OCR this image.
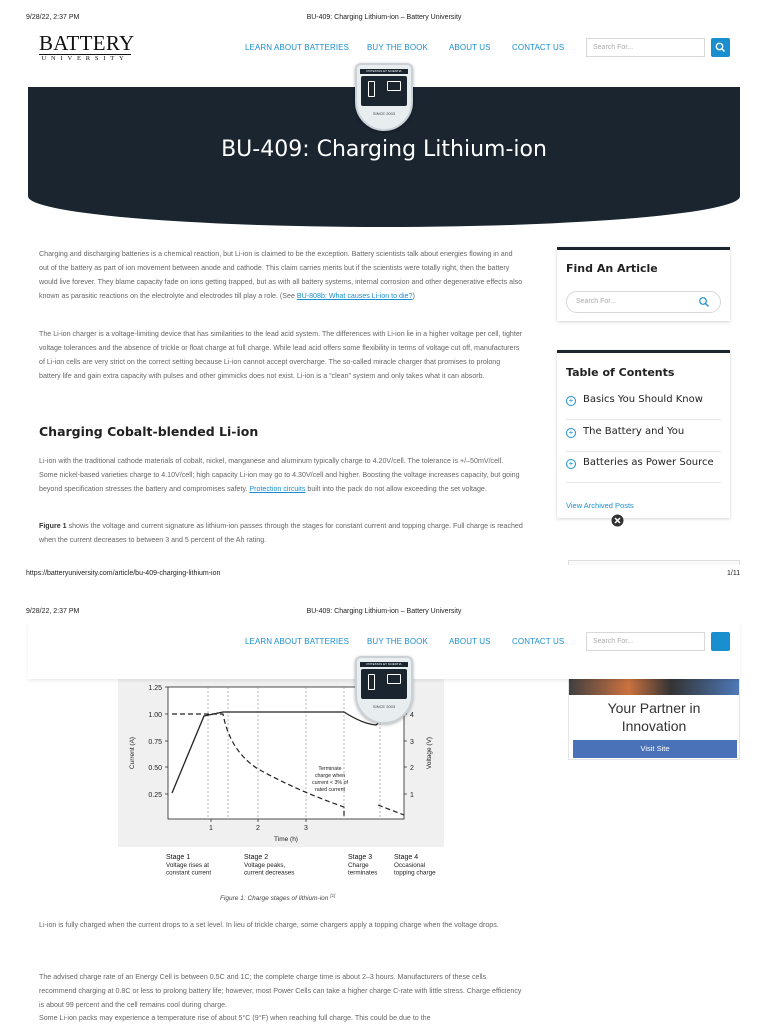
9/28/22, 2:37 PM	BU-409: Charging Lithium-ion – Battery University
BATTERY
UNIVERSITY
LEARN ABOUT BATTERIES BUY THE BOOK	ABOUT US	CONTACT US	Search For...
BU-409: Charging Lithium-ion
POTESTAS ET SCIENTIA
SINCE 2003
Charging and discharging batteries is a chemical reaction, but Li-ion is claimed to be the exception. Battery scientists talk about energies flowing in and out of the battery as part of ion movement between anode and cathode. This claim carries merits but if the scientists were totally right, then the battery would live forever. They blame capacity fade on ions getting trapped, but as with all battery systems, internal corrosion and other degenerative effects also known as parasitic reactions on the electrolyte and electrodes till play a role. (See BU-808b: What causes Li-ion to die?)
The Li-ion charger is a voltage-limiting device that has similarities to the lead acid system. The differences with Li-ion lie in a higher voltage per cell, tighter voltage tolerances and the absence of trickle or float charge at full charge. While lead acid offers some flexibility in terms of voltage cut off, manufacturers of Li-ion cells are very strict on the correct setting because Li-ion cannot accept overcharge. The so-called miracle charger that promises to prolong battery life and gain extra capacity with pulses and other gimmicks does not exist. Li-ion is a “clean” system and only takes what it can absorb.
Charging Cobalt-blended Li-ion
Li-ion with the traditional cathode materials of cobalt, nickel, manganese and aluminum typically charge to 4.20V/cell. The tolerance is +/–50mV/cell. Some nickel-based varieties charge to 4.10V/cell; high capacity Li-ion may go to 4.30V/cell and higher. Boosting the voltage increases capacity, but going beyond specification stresses the battery and compromises safety. Protection circuits built into the pack do not allow exceeding the set voltage.
Figure 1 shows the voltage and current signature as lithium-ion passes through the stages for constant current and topping charge. Full charge is reached when the current decreases to between 3 and 5 percent of the Ah rating.
Find An Article
Search For...
Table of Contents
+ Basics You Should Know
+ The Battery and You
+ Batteries as Power Source
View Archived Posts
https://batteryuniversity.com/article/bu-409-charging-lithium-ion	1/11
9/28/22, 2:37 PM	BU-409: Charging Lithium-ion – Battery University
LEARN ABOUT BATTERIES BUY THE BOOK	ABOUT US	CONTACT US	Search For...
POTESTAS ET SCIENTIA
SINCE 2003	Your Partner in
Innovation
Visit Site
1.25
1.00
0.75
0.50
0.25
4
3
2
1
1	2	3
Current (A)	Voltage (V)
Time (h)
Terminate
charge when
current < 3% of
rated current
Stage 1
Voltage rises at
constant current
Stage 2
Voltage peaks,
current decreases
Stage 3
Charge
terminates
Stage 4
Occasional
topping charge
Figure 1: Charge stages of lithium-ion [1]
Li-ion is fully charged when the current drops to a set level. In lieu of trickle charge, some chargers apply a topping charge when the voltage drops.
The advised charge rate of an Energy Cell is between 0.5C and 1C; the complete charge time is about 2–3 hours. Manufacturers of these cells recommend charging at 0.8C or less to prolong battery life; however, most Power Cells can take a higher charge C-rate with little stress. Charge efficiency is about 99 percent and the cell remains cool during charge.
Some Li-ion packs may experience a temperature rise of about 5°C (9°F) when reaching full charge. This could be due to the
